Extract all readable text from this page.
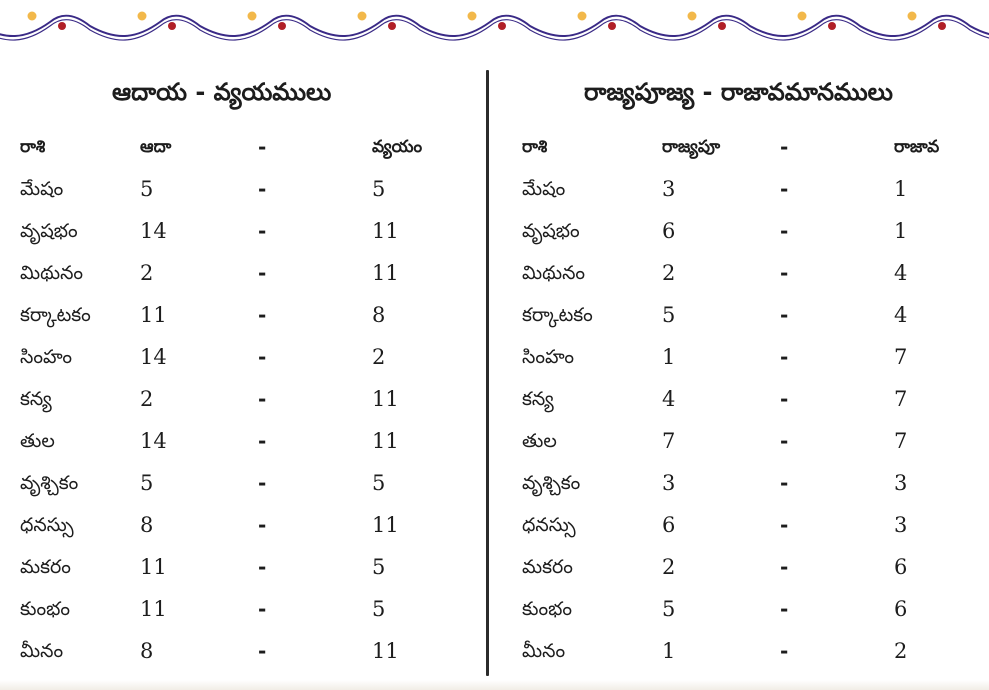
ఆదాయ - వ్యయములు
రాశి	ఆదా	-	వ్యయం
మేషం	5	-	5
వృషభం	14	-	11
మిథునం	2	-	11
కర్కాటకం 11	-	8
సింహం	14	-	2
కన్య	2	-	11
తుల	14	-	11
వృశ్చికం	5	-	5
ధనస్సు	8	-	11
మకరం	11	-	5
కుంభం	11	-	5
మీనం	8	-	11
రాజ్యపూజ్య - రాజావమానములు
రాశి	రాజ్యపూ	-	రాజావ
మేషం	3	-	1
వృషభం	6	-	1
మిథునం	2	-	4
కర్కాటకం	5	-	4
సింహం	1	-	7
కన్య	4	-	7
తుల	7	-	7
వృశ్చికం	3	-	3
ధనస్సు	6	-	3
మకరం	2	-	6
కుంభం	5	-	6
మీనం	1	-	2
